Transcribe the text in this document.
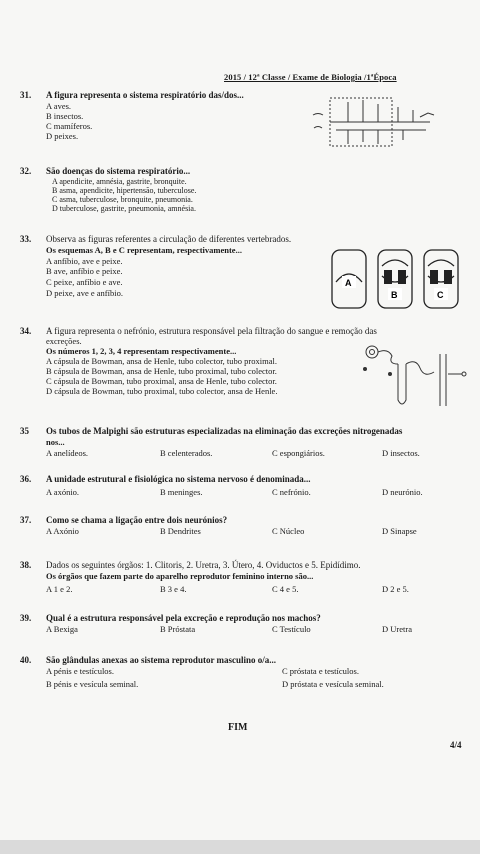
2015 / 12ª Classe / Exame de Biologia /1ªÉpoca
31.	A figura representa o sistema respiratório das/dos...
A aves.
B insectos.
C mamíferos.
D peixes.
32.	São doenças do sistema respiratório...
A apendicite, amnésia, gastrite, bronquite.
B asma, apendicite, hipertensão, tuberculose.
C asma, tuberculose, bronquite, pneumonia.
D tuberculose, gastrite, pneumonia, amnésia.
33.	Observa as figuras referentes a circulação de diferentes vertebrados.
Os esquemas A, B e C representam, respectivamente...
A anfíbio, ave e peixe.
B ave, anfíbio e peixe.
C peixe, anfíbio e ave.
D peixe, ave e anfíbio.
A
B	C
34.	A figura representa o nefrónio, estrutura responsável pela filtração do sangue e remoção das
excreções.
Os números 1, 2, 3, 4 representam respectivamente...
A cápsula de Bowman, ansa de Henle, tubo colector, tubo proximal.
B cápsula de Bowman, ansa de Henle, tubo proximal, tubo colector.
C cápsula de Bowman, tubo proximal, ansa de Henle, tubo colector.
D cápsula de Bowman, tubo proximal, tubo colector, ansa de Henle.
35	Os tubos de Malpighi são estruturas especializadas na eliminação das excreções nitrogenadas
nos...
A anelídeos.	B celenterados.	C espongiários.	D insectos.
36.	A unidade estrutural e fisiológica no sistema nervoso é denominada...
A axónio.	B meninges.	C nefrónio.	D neurónio.
37.	Como se chama a ligação entre dois neurónios?
A Axónio	B Dendrites	C Núcleo	D Sinapse
38.	Dados os seguintes órgãos: 1. Clitoris, 2. Uretra, 3. Útero, 4. Oviductos e 5. Epidídimo.
Os órgãos que fazem parte do aparelho reprodutor feminino interno são...
A 1 e 2.	B 3 e 4.	C 4 e 5.	D 2 e 5.
39.	Qual é a estrutura responsável pela excreção e reprodução nos machos?
A Bexiga	B Próstata	C Testículo	D Uretra
40.	São glândulas anexas ao sistema reprodutor masculino o/a...
A pénis e testículos.
B pénis e vesícula seminal.
C próstata e testículos.
D próstata e vesícula seminal.
FIM
4/4
